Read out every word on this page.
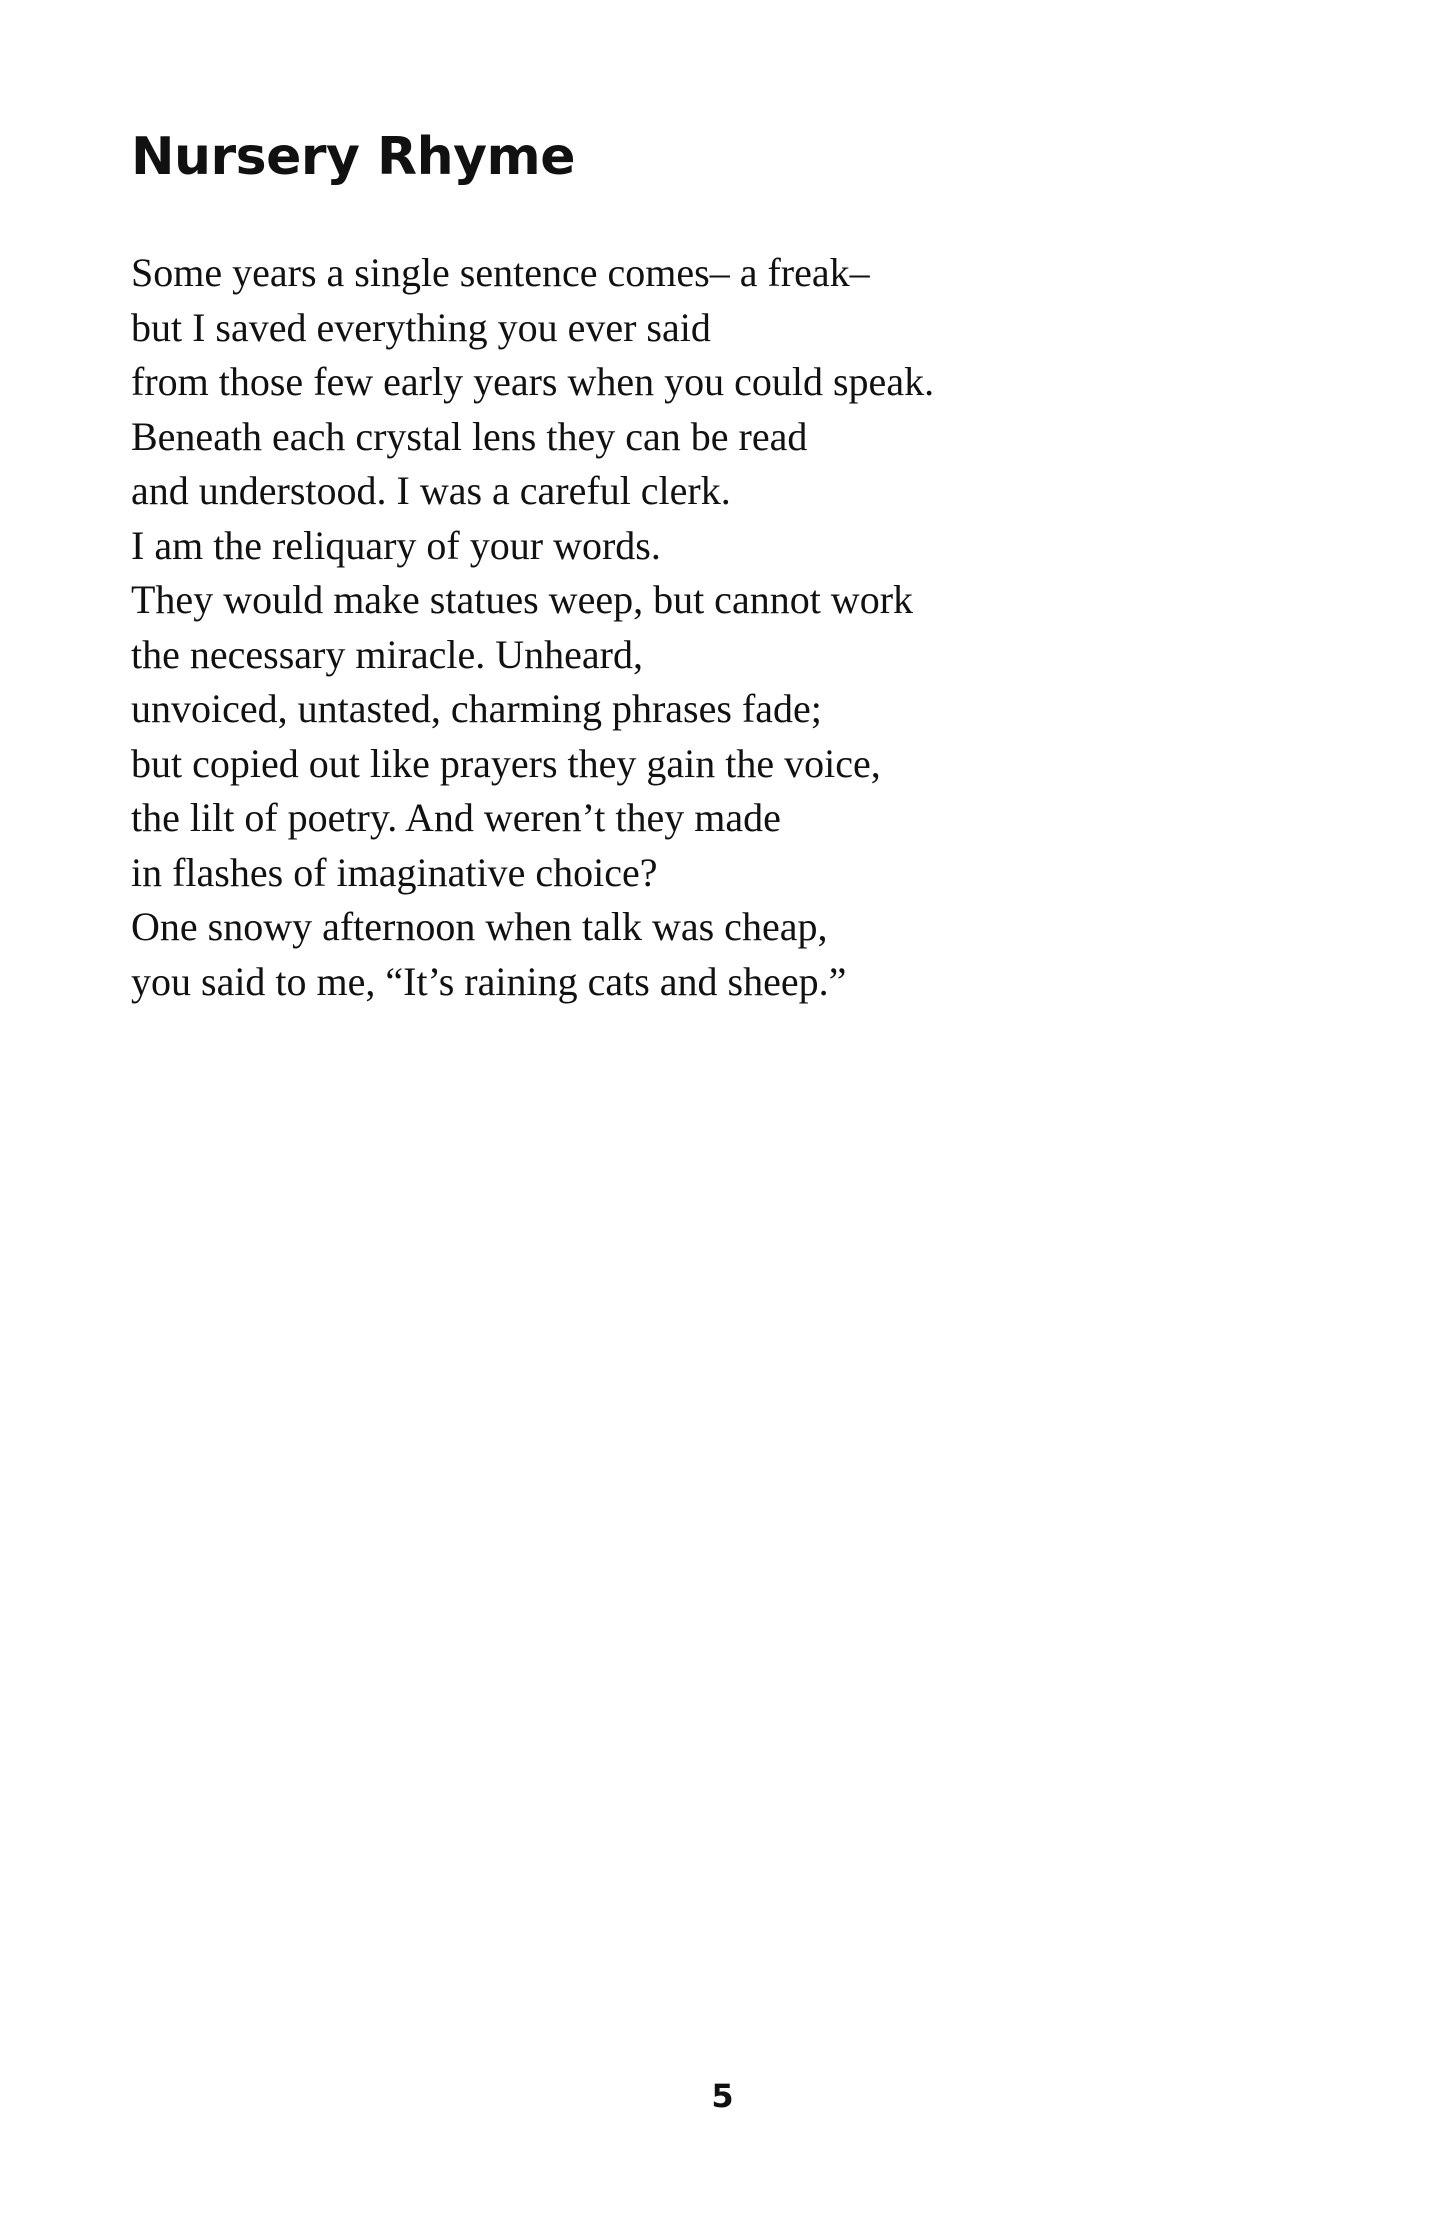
Nursery Rhyme
Some years a single sentence comes– a freak–
but I saved everything you ever said
from those few early years when you could speak.
Beneath each crystal lens they can be read
and understood. I was a careful clerk.
I am the reliquary of your words.
They would make statues weep, but cannot work
the necessary miracle. Unheard,
unvoiced, untasted, charming phrases fade;
but copied out like prayers they gain the voice,
the lilt of poetry. And weren’t they made
in flashes of imaginative choice?
One snowy afternoon when talk was cheap,
you said to me, “It’s raining cats and sheep.”
5
